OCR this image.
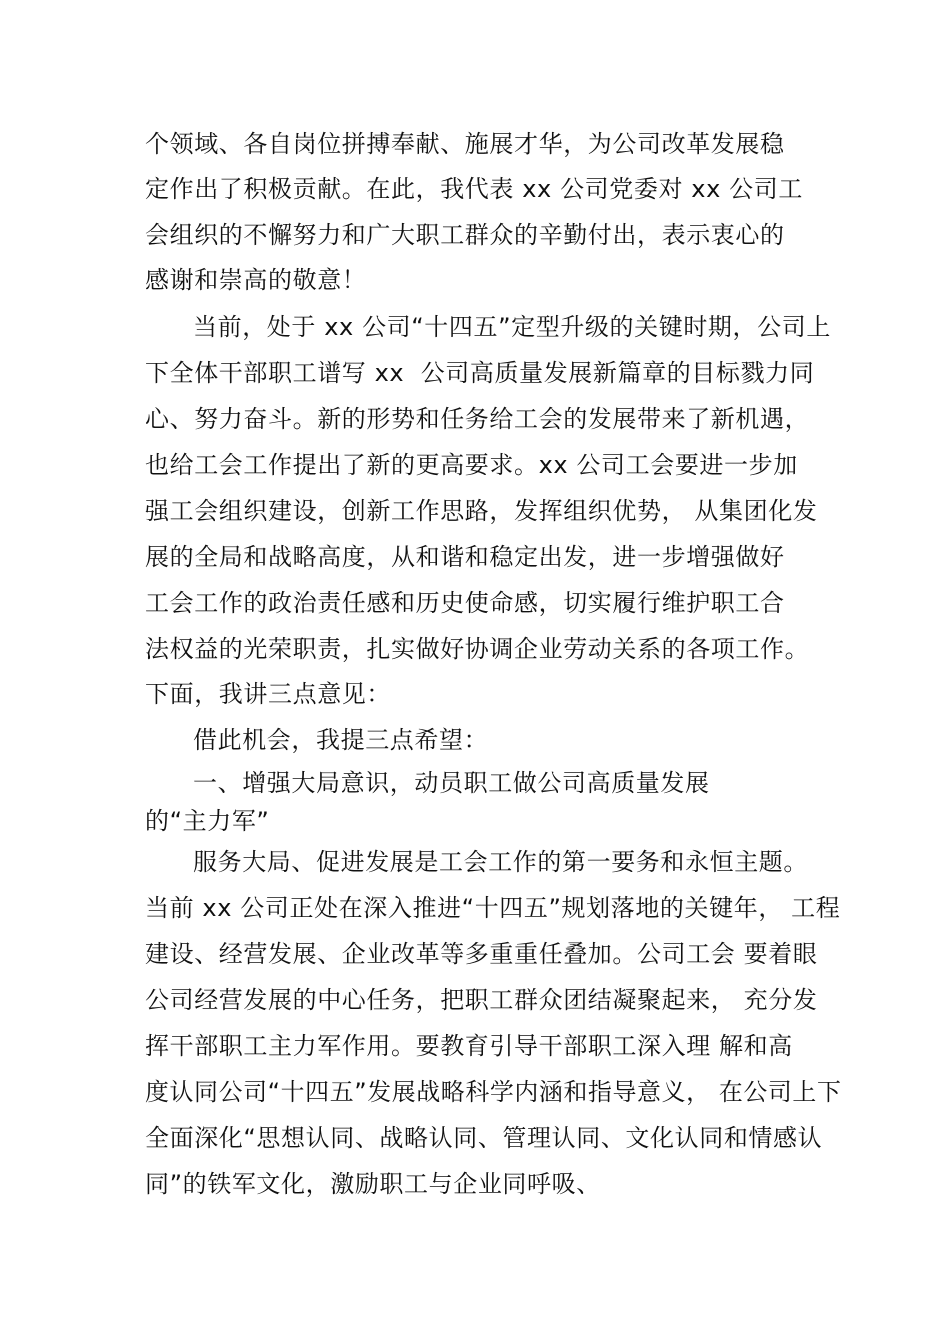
个领域、各自岗位拼搏奉献、施展才华，为公司改革发展稳
定作出了积极贡献。在此，我代表 xx 公司党委对 xx 公司工
会组织的不懈努力和广大职工群众的辛勤付出，表示衷心的
感谢和崇高的敬意！
当前，处于 xx 公司“十四五”定型升级的关键时期，公司上
下全体干部职工谱写 xx  公司高质量发展新篇章的目标戮力同
心、努力奋斗。新的形势和任务给工会的发展带来了新机遇，
也给工会工作提出了新的更高要求。xx 公司工会要进一步加
强工会组织建设，创新工作思路，发挥组织优势， 从集团化发
展的全局和战略高度，从和谐和稳定出发，进一步增强做好
工会工作的政治责任感和历史使命感，切实履行维护职工合
法权益的光荣职责，扎实做好协调企业劳动关系的各项工作。
下面，我讲三点意见：
借此机会，我提三点希望：
一、增强大局意识，动员职工做公司高质量发展
的“主力军”
服务大局、促进发展是工会工作的第一要务和永恒主题。
当前 xx 公司正处在深入推进“十四五”规划落地的关键年， 工程
建设、经营发展、企业改革等多重重任叠加。公司工会 要着眼
公司经营发展的中心任务，把职工群众团结凝聚起来， 充分发
挥干部职工主力军作用。要教育引导干部职工深入理 解和高
度认同公司“十四五”发展战略科学内涵和指导意义， 在公司上下
全面深化“思想认同、战略认同、管理认同、文化认同和情感认
同”的铁军文化，激励职工与企业同呼吸、
